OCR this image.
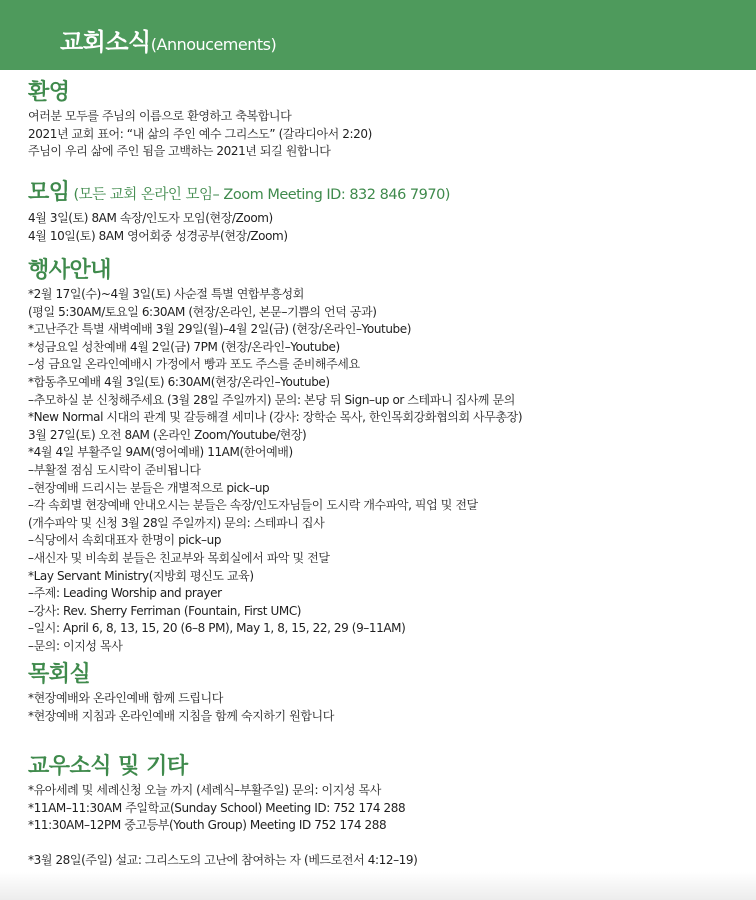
교회소식(Annoucements)
환영
여러분 모두를 주님의 이름으로 환영하고 축복합니다
2021년 교회 표어: “내 삶의 주인 예수 그리스도” (갈라디아서 2:20)
주님이 우리 삶에 주인 됨을 고백하는 2021년 되길 원합니다
모임 (모든 교회 온라인 모임– Zoom Meeting ID: 832 846 7970)
4월 3일(토) 8AM 속장/인도자 모임(현장/Zoom)
4월 10일(토) 8AM 영어회중 성경공부(현장/Zoom)
행사안내
*2월 17일(수)~4월 3일(토) 사순절 특별 연합부흥성회
(평일 5:30AM/토요일 6:30AM (현장/온라인, 본문–기쁨의 언덕 공과)
*고난주간 특별 새벽예배 3월 29일(월)–4월 2일(금) (현장/온라인–Youtube)
*성금요일 성찬예배 4월 2일(금) 7PM (현장/온라인–Youtube)
–성 금요일 온라인예배시 가정에서 빵과 포도 주스를 준비해주세요
*합동추모예배 4월 3일(토) 6:30AM(현장/온라인–Youtube)
–추모하실 분 신청해주세요 (3월 28일 주일까지) 문의: 본당 뒤 Sign–up or 스테파니 집사께 문의
*New Normal 시대의 관계 및 갈등해결 세미나 (강사: 장학순 목사, 한인목회강화협의회 사무총장)
3월 27일(토) 오전 8AM (온라인 Zoom/Youtube/현장)
*4월 4일 부활주일 9AM(영어예배) 11AM(한어예배)
–부활절 점심 도시락이 준비됩니다
–현장예배 드리시는 분들은 개별적으로 pick–up
–각 속회별 현장예배 안내오시는 분들은 속장/인도자님들이 도시락 개수파악, 픽업 및 전달
(개수파악 및 신청 3월 28일 주일까지) 문의: 스테파니 집사
–식당에서 속회대표자 한명이 pick–up
–새신자 및 비속회 분들은 친교부와 목회실에서 파악 및 전달
*Lay Servant Ministry(지방회 평신도 교육)
–주제: Leading Worship and prayer
–강사: Rev. Sherry Ferriman (Fountain, First UMC)
–일시: April 6, 8, 13, 15, 20 (6–8 PM), May 1, 8, 15, 22, 29 (9–11AM)
–문의: 이지성 목사
목회실
*현장예배와 온라인예배 함께 드립니다
*현장예배 지침과 온라인예배 지침을 함께 숙지하기 원합니다
교우소식 및 기타
*유아세례 및 세례신청 오늘 까지 (세례식–부활주일) 문의: 이지성 목사
*11AM–11:30AM 주일학교(Sunday School) Meeting ID: 752 174 288
*11:30AM–12PM 중고등부(Youth Group) Meeting ID 752 174 288

*3월 28일(주일) 설교: 그리스도의 고난에 참여하는 자 (베드로전서 4:12–19)
